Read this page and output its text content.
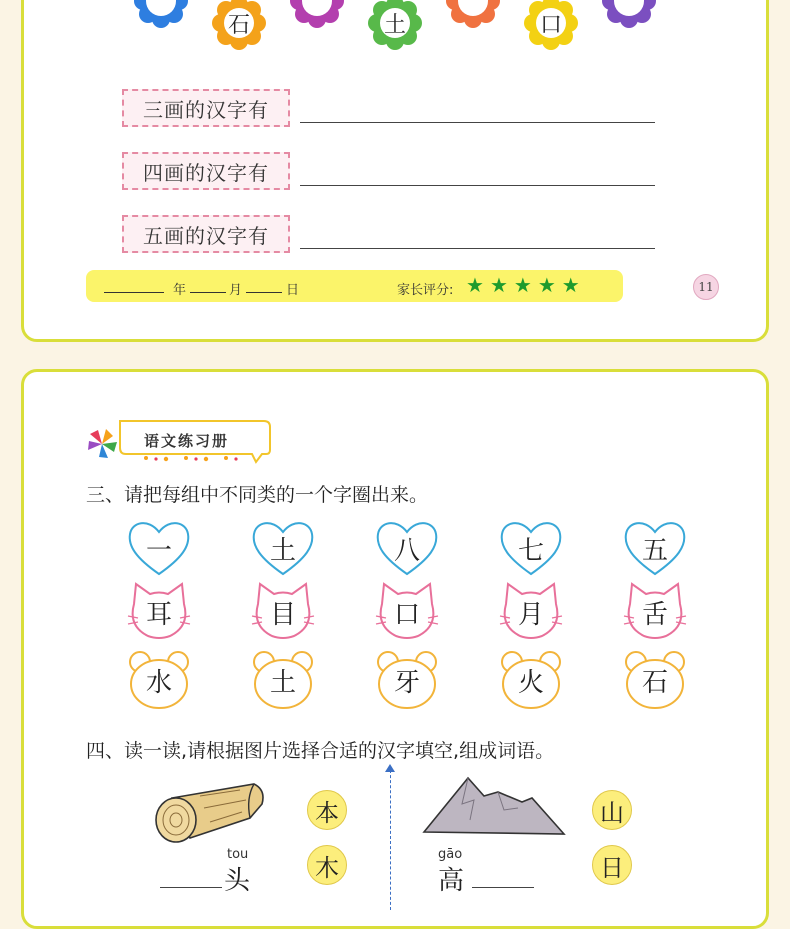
石	土	口
三画的汉字有
四画的汉字有
五画的汉字有
年	月	日	家长评分: ★ ★ ★ ★ ★	11
语文练习册
三、请把每组中不同类的一个字圈出来。
一	土	八	七	五
耳	目	口	月	舌
水	土	牙	火	石
四、读一读,请根据图片选择合适的汉字填空,组成词语。
本
木
tou
头
山
日
gāo
高
